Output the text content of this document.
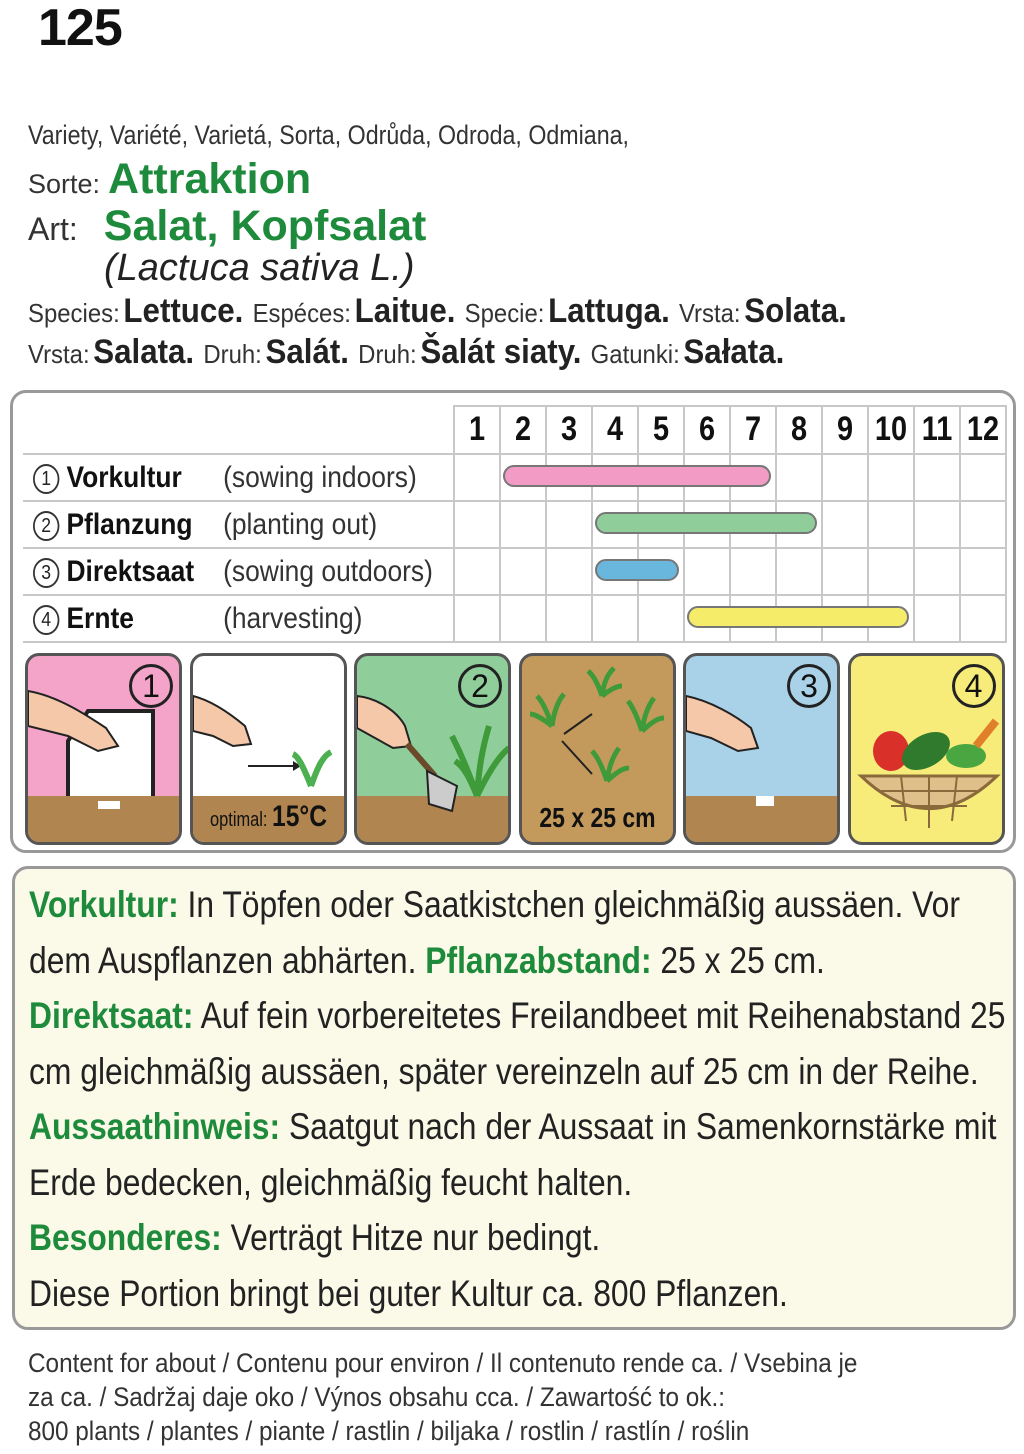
125
Variety, Variété, Varietá, Sorta, Odrůda, Odroda, Odmiana,
Sorte: Attraktion
Art: Salat, Kopfsalat
(Lactuca sativa L.)
Species: Lettuce. Espéces: Laitue. Specie: Lattuga. Vrsta: Solata.
Vrsta: Salata. Druh: Salát. Druh: Šalát siaty. Gatunki: Sałata.
1 2 3 4 5 6 7 8 9 10 11 12
1 Vorkultur (sowing indoors)
2 Pflanzung (planting out)
3 Direktsaat (sowing outdoors)
4 Ernte	(harvesting)
1
optimal: 15°C
2
25 x 25 cm
3	4

Vorkultur: In Töpfen oder Saatkistchen gleichmäßig aussäen. Vor dem Auspflanzen abhärten. Pflanzabstand: 25 x 25 cm.
Direktsaat: Auf fein vorbereitetes Freilandbeet mit Reihenabstand 25 cm gleichmäßig aussäen, später vereinzeln auf 25 cm in der Reihe. Aussaathinweis: Saatgut nach der Aussaat in Samenkornstärke mit Erde bedecken, gleichmäßig feucht halten.
Besonderes: Verträgt Hitze nur bedingt.
Diese Portion bringt bei guter Kultur ca. 800 Pflanzen.

Content for about / Contenu pour environ / Il contenuto rende ca. / Vsebina je
za ca. / Sadržaj daje oko / Výnos obsahu cca. / Zawartość to ok.:
800 plants / plantes / piante / rastlin / biljaka / rostlin / rastlín / roślin
